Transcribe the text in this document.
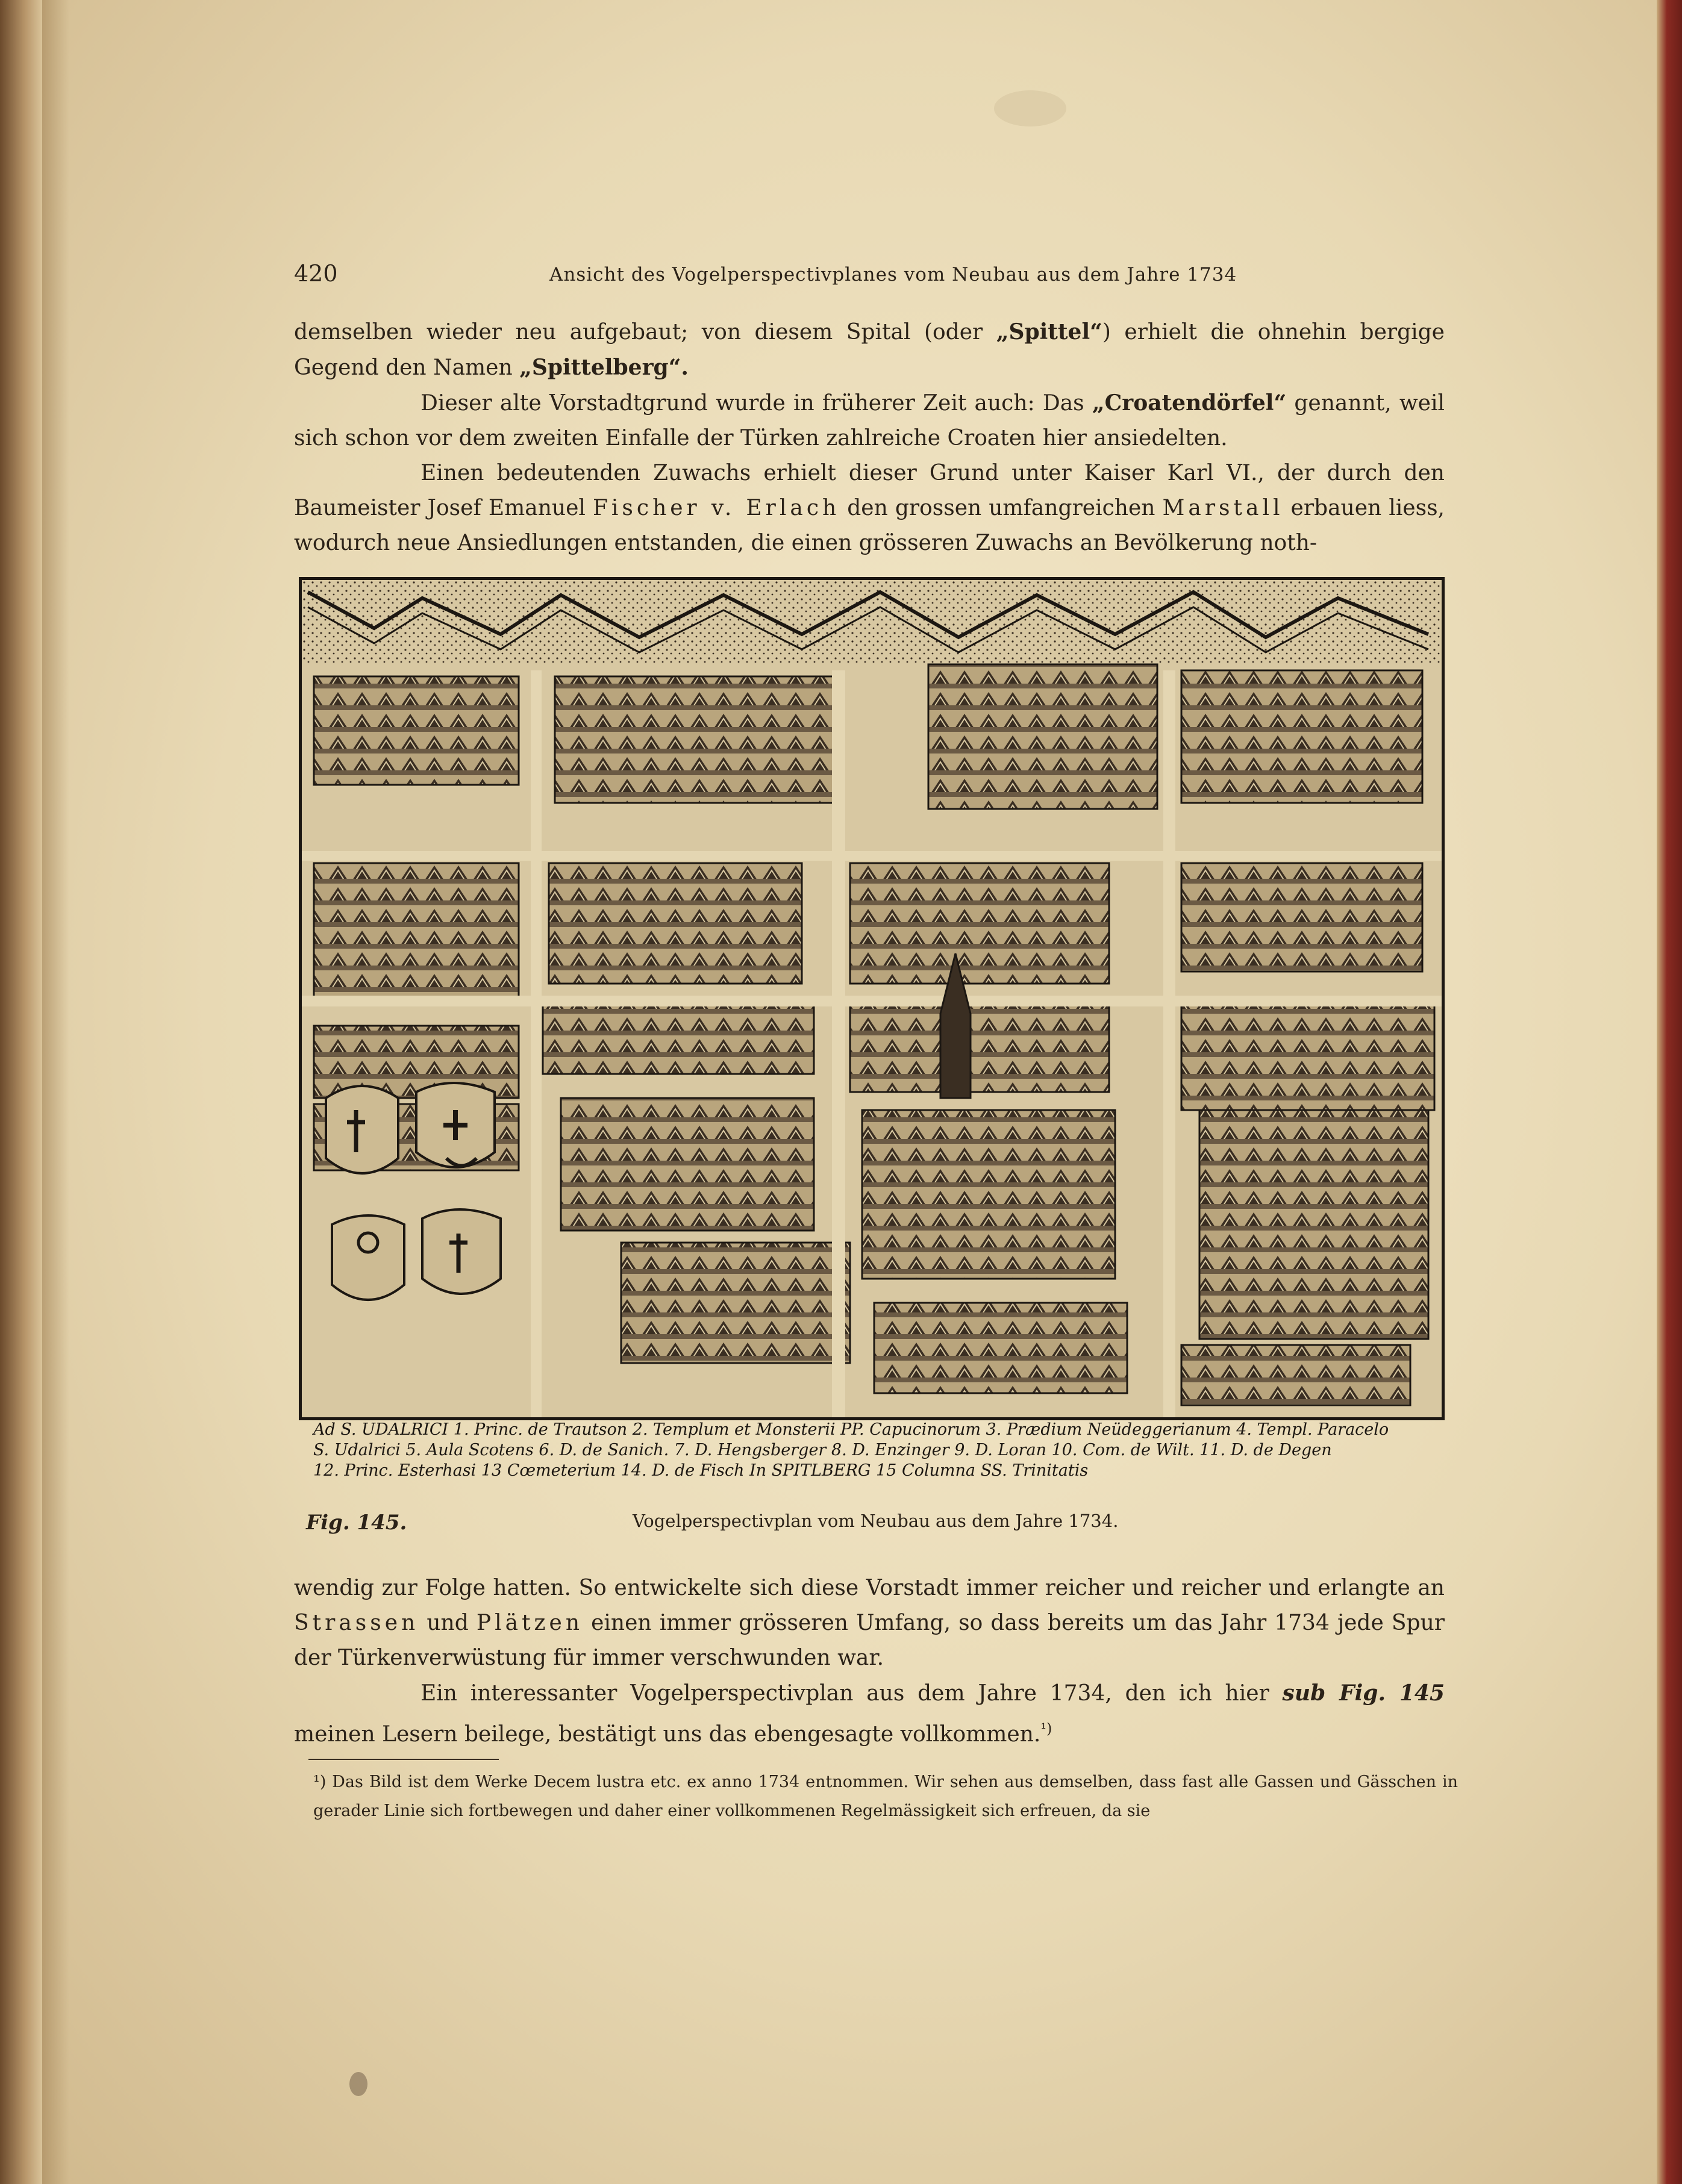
420	Ansicht des Vogelperspectivplanes vom Neubau aus dem Jahre 1734

demselben wieder neu aufgebaut; von diesem Spital (oder „Spittel“) erhielt die ohnehin bergige Gegend den Namen „Spittelberg“.

Dieser alte Vorstadtgrund wurde in früherer Zeit auch: Das „Croatendörfel“ genannt, weil sich schon vor dem zweiten Einfalle der Türken zahlreiche Croaten hier ansiedelten.

Einen bedeutenden Zuwachs erhielt dieser Grund unter Kaiser Karl VI., der durch den Baumeister Josef Emanuel Fischer v. Erlach den grossen umfangreichen Marstall erbauen liess, wodurch neue Ansiedlungen entstanden, die einen grösseren Zuwachs an Bevölkerung noth-

Ad S. UDALRICI 1. Princ. de Trautson 2. Templum et Monsterii PP. Capucinorum 3. Prædium Neüdeggerianum 4. Templ. Paracelo
S. Udalrici 5. Aula Scotens 6. D. de Sanich. 7. D. Hengsberger 8. D. Enzinger 9. D. Loran 10. Com. de Wilt. 11. D. de Degen
12. Princ. Esterhasi 13 Cœmeterium 14. D. de Fisch In SPITLBERG 15 Columna SS. Trinitatis
Fig. 145.	Vogelperspectivplan vom Neubau aus dem Jahre 1734.

wendig zur Folge hatten. So entwickelte sich diese Vorstadt immer reicher und reicher und erlangte an Strassen und Plätzen einen immer grösseren Umfang, so dass bereits um das Jahr 1734 jede Spur der Türkenverwüstung für immer verschwunden war.

Ein interessanter Vogelperspectivplan aus dem Jahre 1734, den ich hier sub Fig. 145 meinen Lesern beilege, bestätigt uns das ebengesagte vollkommen.$^{^1)}$

¹) Das Bild ist dem Werke Decem lustra etc. ex anno 1734 entnommen. Wir sehen aus demselben, dass fast alle Gassen und Gässchen in gerader Linie sich fortbewegen und daher einer vollkommenen Regelmässigkeit sich erfreuen, da sie
